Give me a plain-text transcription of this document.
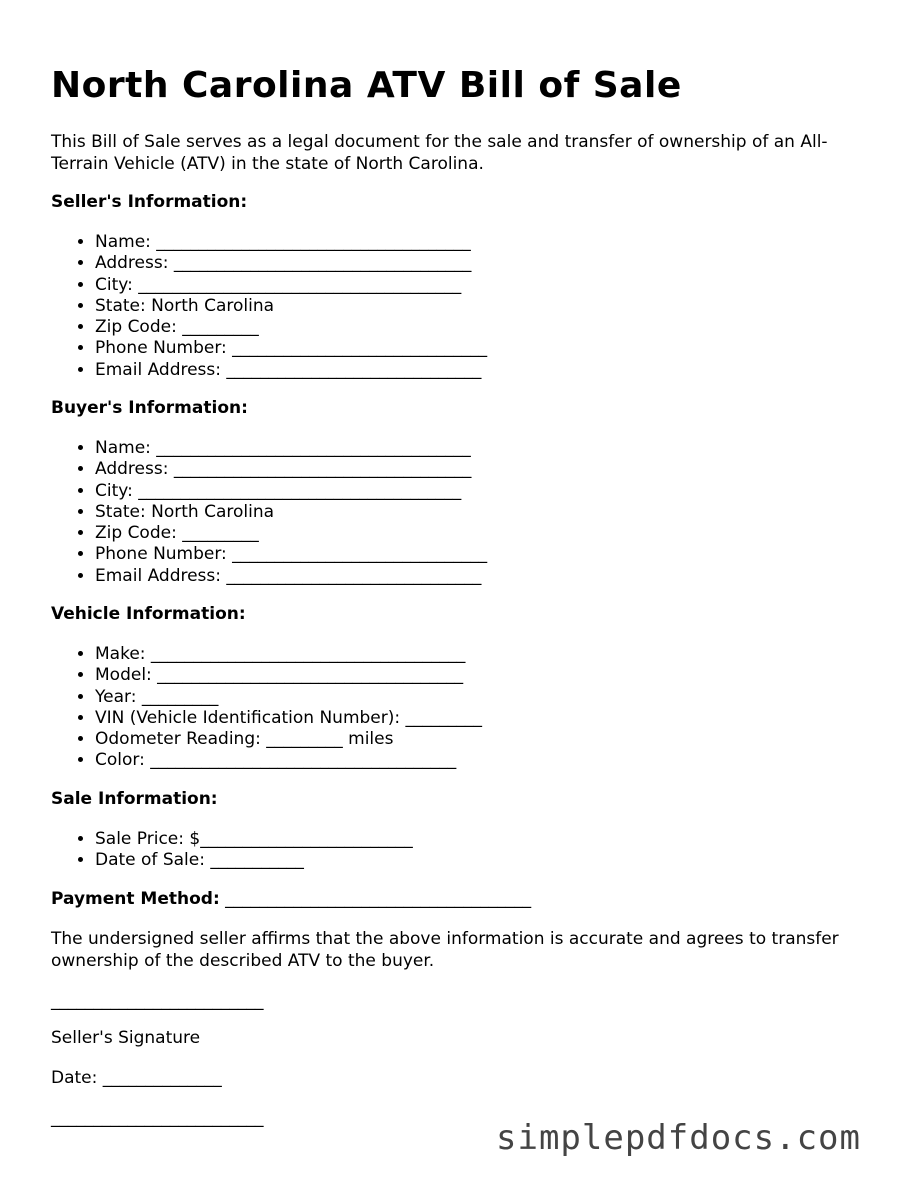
North Carolina ATV Bill of Sale

This Bill of Sale serves as a legal document for the sale and transfer of ownership of an All-Terrain Vehicle (ATV) in the state of North Carolina.

Seller's Information:

• Name: _____________________________________
• Address: ___________________________________
• City: ______________________________________
• State: North Carolina
• Zip Code: _________
• Phone Number: ______________________________
• Email Address: ______________________________

Buyer's Information:

• Name: _____________________________________
• Address: ___________________________________
• City: ______________________________________
• State: North Carolina
• Zip Code: _________
• Phone Number: ______________________________
• Email Address: ______________________________

Vehicle Information:

• Make: _____________________________________
• Model: ____________________________________
• Year: _________
• VIN (Vehicle Identification Number): _________
• Odometer Reading: _________ miles
• Color: ____________________________________

Sale Information:

• Sale Price: $_________________________
• Date of Sale: ___________

Payment Method: ____________________________________

The undersigned seller affirms that the above information is accurate and agrees to transfer ownership of the described ATV to the buyer.

_________________________

Seller's Signature

Date: ______________

_________________________	simplepdfdocs.com
